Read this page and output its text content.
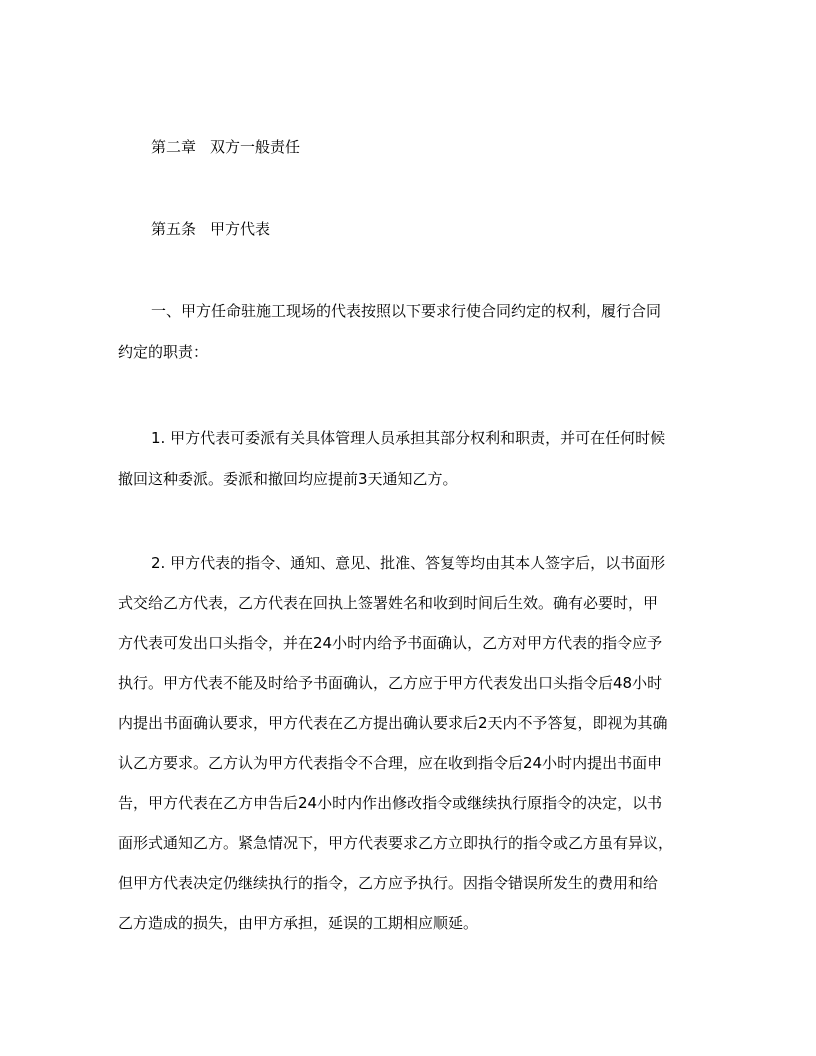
第二章 双方一般责任
第五条 甲方代表
一、甲方任命驻施工现场的代表按照以下要求行使合同约定的权利，履行合同
约定的职责：
1. 甲方代表可委派有关具体管理人员承担其部分权利和职责，并可在任何时候
撤回这种委派。委派和撤回均应提前3天通知乙方。
2. 甲方代表的指令、通知、意见、批准、答复等均由其本人签字后，以书面形
式交给乙方代表，乙方代表在回执上签署姓名和收到时间后生效。确有必要时，甲
方代表可发出口头指令，并在24小时内给予书面确认，乙方对甲方代表的指令应予
执行。甲方代表不能及时给予书面确认，乙方应于甲方代表发出口头指令后48小时
内提出书面确认要求，甲方代表在乙方提出确认要求后2天内不予答复，即视为其确
认乙方要求。乙方认为甲方代表指令不合理，应在收到指令后24小时内提出书面申
告，甲方代表在乙方申告后24小时内作出修改指令或继续执行原指令的决定，以书
面形式通知乙方。紧急情况下，甲方代表要求乙方立即执行的指令或乙方虽有异议，
但甲方代表决定仍继续执行的指令，乙方应予执行。因指令错误所发生的费用和给
乙方造成的损失，由甲方承担，延误的工期相应顺延。
